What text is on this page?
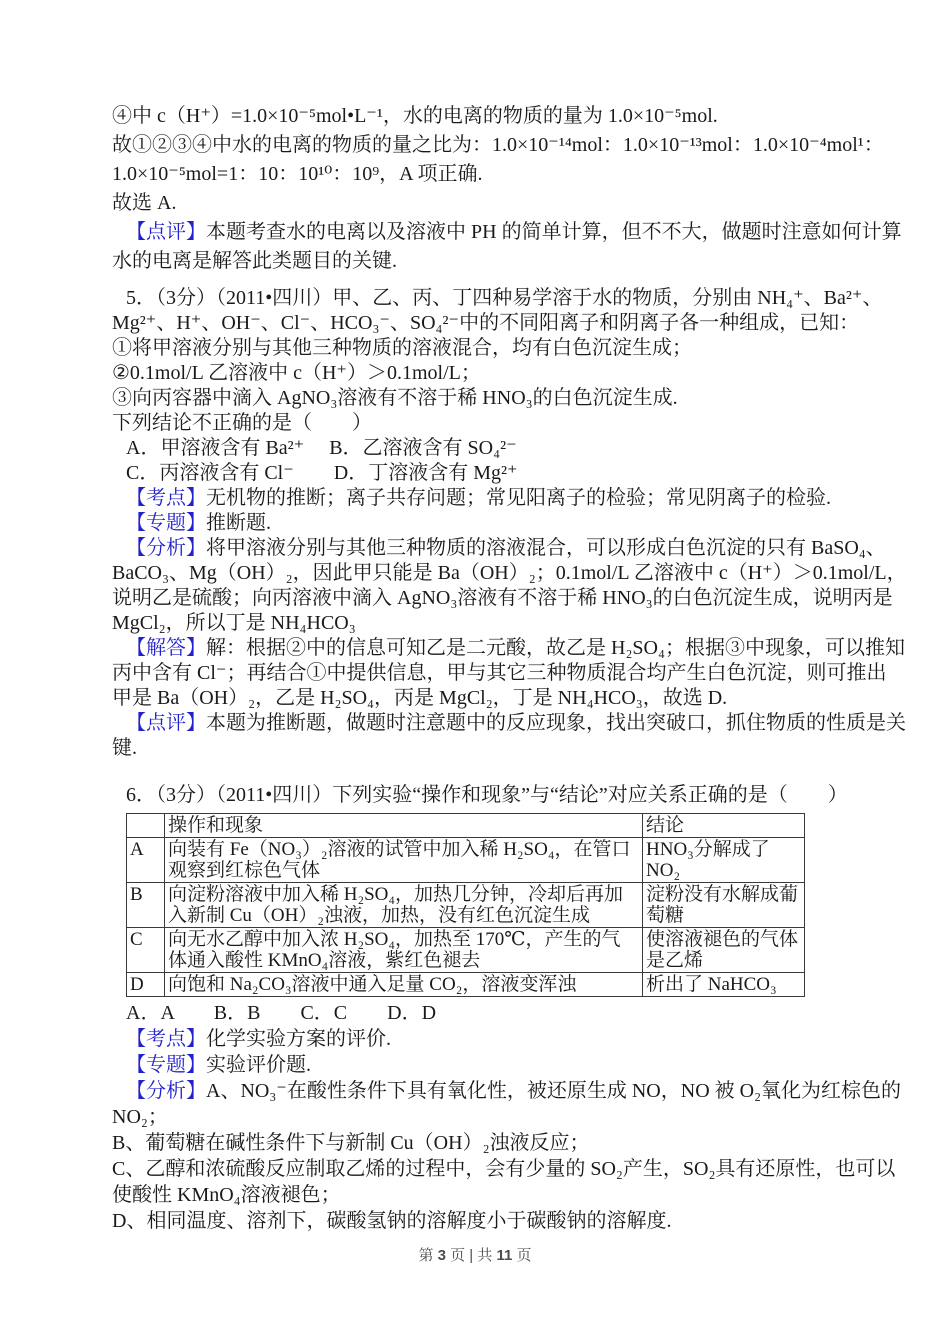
④中 c（H⁺）=1.0×10⁻⁵mol•L⁻¹，水的电离的物质的量为 1.0×10⁻⁵mol.
故①②③④中水的电离的物质的量之比为：1.0×10⁻¹⁴mol：1.0×10⁻¹³mol：1.0×10⁻⁴mol¹：
1.0×10⁻⁵mol=1：10：10¹⁰：10⁹，A 项正确.
故选 A.
【点评】本题考查水的电离以及溶液中 PH 的简单计算，但不不大，做题时注意如何计算
水的电离是解答此类题目的关键.
5．（3分）（2011•四川）甲、乙、丙、丁四种易学溶于水的物质，分别由 NH₄⁺、Ba²⁺、
Mg²⁺、H⁺、OH⁻、Cl⁻、HCO₃⁻、SO₄²⁻中的不同阳离子和阴离子各一种组成，已知：
①将甲溶液分别与其他三种物质的溶液混合，均有白色沉淀生成；
②0.1mol/L 乙溶液中 c（H⁺）＞0.1mol/L；
③向丙容器中滴入 AgNO₃溶液有不溶于稀 HNO₃的白色沉淀生成.
下列结论不正确的是（　　）
A．甲溶液含有 Ba²⁺　 B．乙溶液含有 SO₄²⁻
C．丙溶液含有 Cl⁻　　D．丁溶液含有 Mg²⁺
【考点】无机物的推断；离子共存问题；常见阳离子的检验；常见阴离子的检验.
【专题】推断题.
【分析】将甲溶液分别与其他三种物质的溶液混合，可以形成白色沉淀的只有 BaSO₄、
BaCO₃、Mg（OH）₂，因此甲只能是 Ba（OH）₂；0.1mol/L 乙溶液中 c（H⁺）＞0.1mol/L，
说明乙是硫酸；向丙溶液中滴入 AgNO₃溶液有不溶于稀 HNO₃的白色沉淀生成，说明丙是
MgCl₂，所以丁是 NH₄HCO₃
【解答】解：根据②中的信息可知乙是二元酸，故乙是 H₂SO₄；根据③中现象，可以推知
丙中含有 Cl⁻；再结合①中提供信息，甲与其它三种物质混合均产生白色沉淀，则可推出
甲是 Ba（OH）₂，乙是 H₂SO₄，丙是 MgCl₂，丁是 NH₄HCO₃，故选 D.
【点评】本题为推断题，做题时注意题中的反应现象，找出突破口，抓住物质的性质是关
键.
6．（3分）（2011•四川）下列实验“操作和现象”与“结论”对应关系正确的是（　　）
	操作和现象	结论
A	向装有 Fe（NO₃）₂溶液的试管中加入稀 H₂SO₄，在管口观察到红棕色气体	HNO₃分解成了 NO₂
B	向淀粉溶液中加入稀 H₂SO₄，加热几分钟，冷却后再加入新制 Cu（OH）₂浊液，加热，没有红色沉淀生成	淀粉没有水解成葡萄糖
C	向无水乙醇中加入浓 H₂SO₄，加热至 170℃，产生的气体通入酸性 KMnO₄溶液，紫红色褪去	使溶液褪色的气体是乙烯
D	向饱和 Na₂CO₃溶液中通入足量 CO₂，溶液变浑浊	析出了 NaHCO₃
A．A　　B．B　　C．C　　D．D
【考点】化学实验方案的评价.
【专题】实验评价题.
【分析】A、NO₃⁻在酸性条件下具有氧化性，被还原生成 NO，NO 被 O₂氧化为红棕色的
NO₂；
B、葡萄糖在碱性条件下与新制 Cu（OH）₂浊液反应；
C、乙醇和浓硫酸反应制取乙烯的过程中，会有少量的 SO₂产生，SO₂具有还原性，也可以
使酸性 KMnO₄溶液褪色；
D、相同温度、溶剂下，碳酸氢钠的溶解度小于碳酸钠的溶解度.
第 3 页 | 共 11 页
